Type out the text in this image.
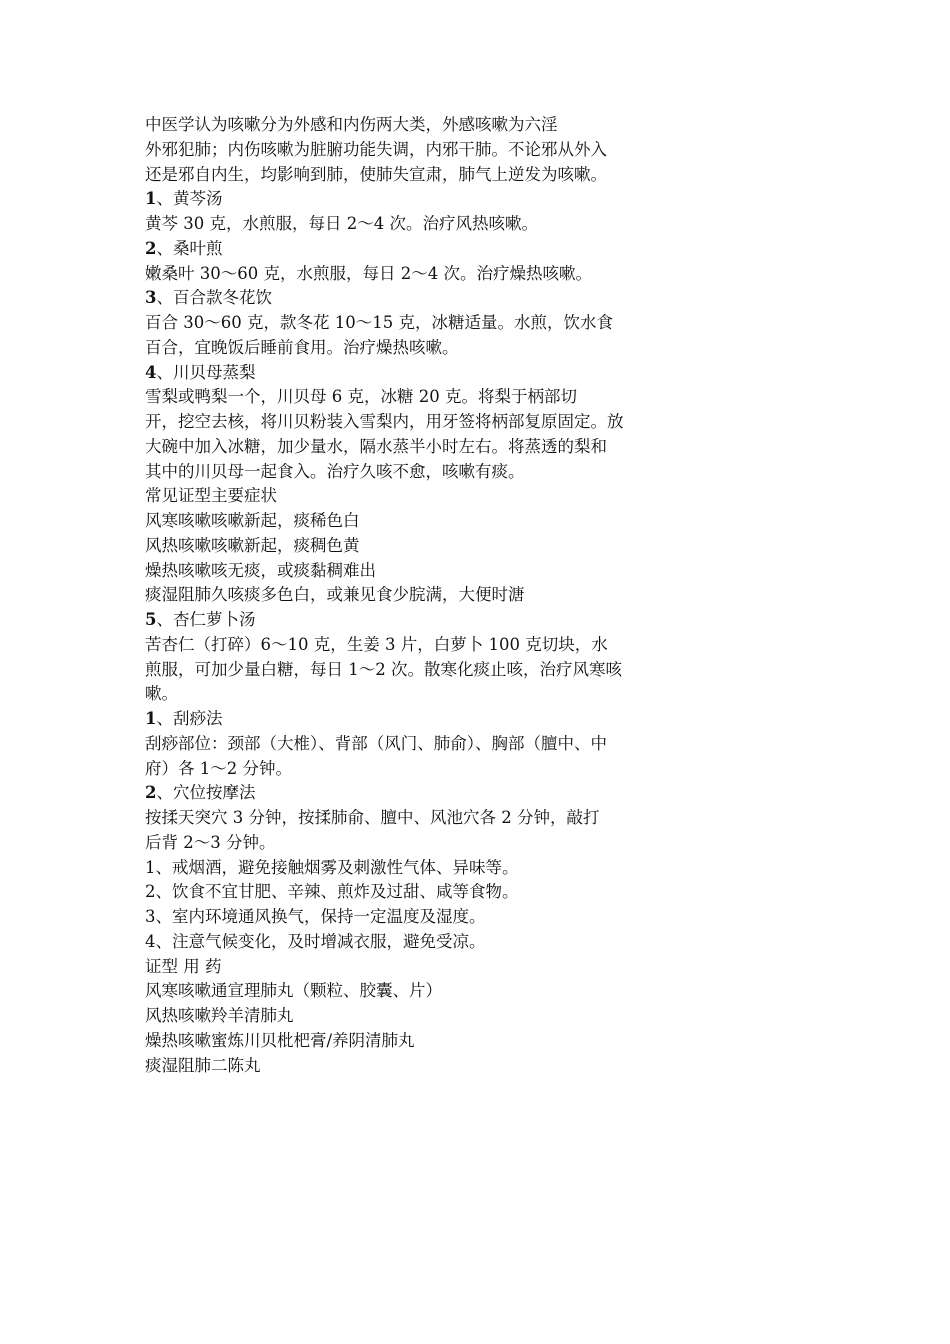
中医学认为咳嗽分为外感和内伤两大类，外感咳嗽为六淫
外邪犯肺；内伤咳嗽为脏腑功能失调，内邪干肺。不论邪从外入
还是邪自内生，均影响到肺，使肺失宣肃，肺气上逆发为咳嗽。
1、黄芩汤
黄芩 30 克，水煎服，每日 2～4 次。治疗风热咳嗽。
2、桑叶煎
嫩桑叶 30～60 克，水煎服，每日 2～4 次。治疗燥热咳嗽。
3、百合款冬花饮
百合 30～60 克，款冬花 10～15 克，冰糖适量。水煎，饮水食
百合，宜晚饭后睡前食用。治疗燥热咳嗽。
4、川贝母蒸梨
雪梨或鸭梨一个，川贝母 6 克，冰糖 20 克。将梨于柄部切
开，挖空去核，将川贝粉装入雪梨内，用牙签将柄部复原固定。放
大碗中加入冰糖，加少量水，隔水蒸半小时左右。将蒸透的梨和
其中的川贝母一起食入。治疗久咳不愈，咳嗽有痰。
常见证型主要症状
风寒咳嗽咳嗽新起，痰稀色白
风热咳嗽咳嗽新起，痰稠色黄
燥热咳嗽咳无痰，或痰黏稠难出
痰湿阻肺久咳痰多色白，或兼见食少脘满，大便时溏
5、杏仁萝卜汤
苦杏仁（打碎）6～10 克，生姜 3 片，白萝卜 100 克切块，水
煎服，可加少量白糖，每日 1～2 次。散寒化痰止咳，治疗风寒咳
嗽。
1、刮痧法
刮痧部位：颈部（大椎）、背部（风门、肺俞）、胸部（膻中、中
府）各 1～2 分钟。
2、穴位按摩法
按揉天突穴 3 分钟，按揉肺俞、膻中、风池穴各 2 分钟，敲打
后背 2～3 分钟。
1、戒烟酒，避免接触烟雾及刺激性气体、异味等。
2、饮食不宜甘肥、辛辣、煎炸及过甜、咸等食物。
3、室内环境通风换气，保持一定温度及湿度。
4、注意气候变化，及时增减衣服，避免受凉。
证型 用 药
风寒咳嗽通宣理肺丸（颗粒、胶囊、片）
风热咳嗽羚羊清肺丸
燥热咳嗽蜜炼川贝枇杷膏/养阴清肺丸
痰湿阻肺二陈丸
